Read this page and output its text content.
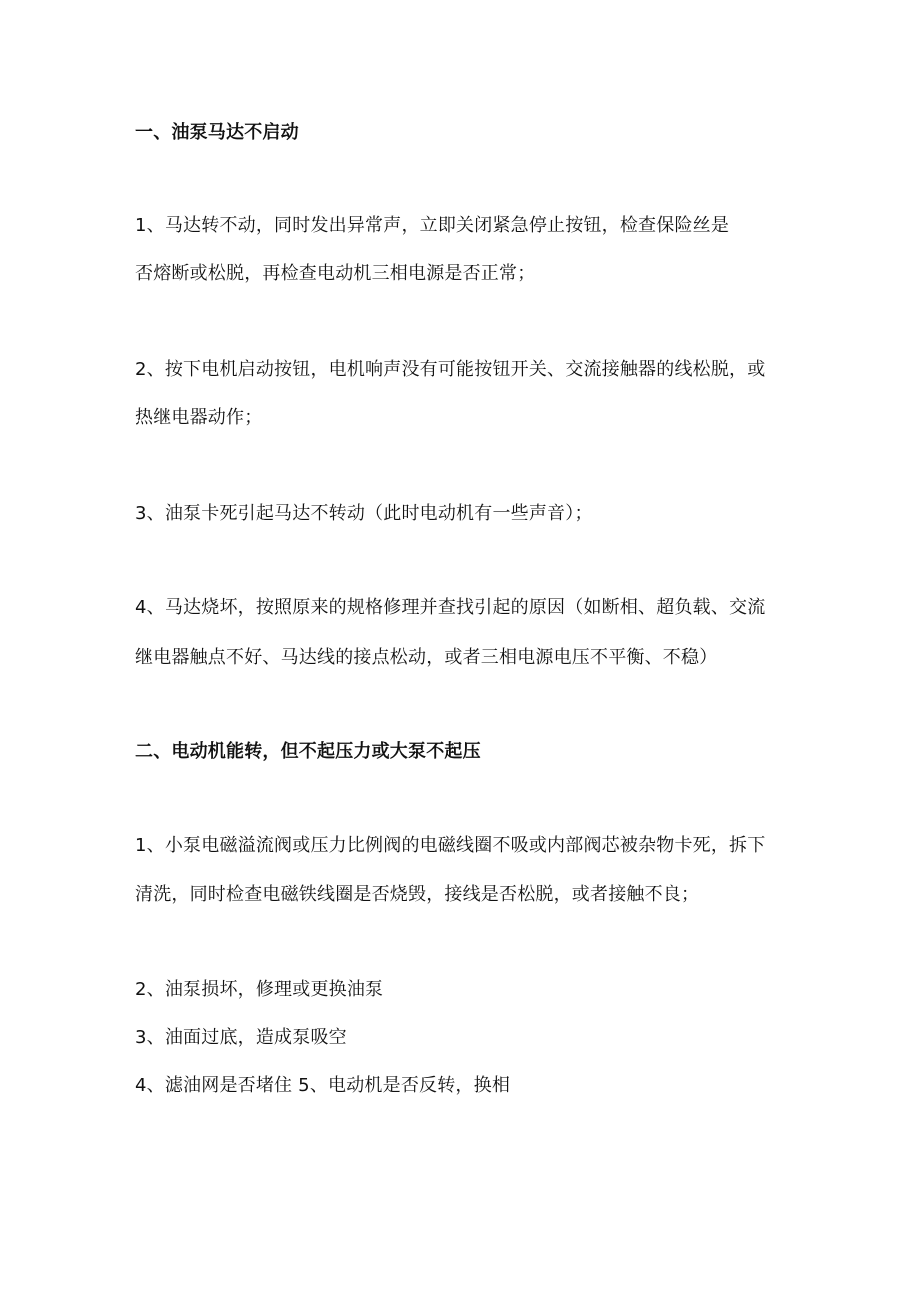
一、油泵马达不启动
1、马达转不动，同时发出异常声，立即关闭紧急停止按钮，检查保险丝是
否熔断或松脱，再检查电动机三相电源是否正常；
2、按下电机启动按钮，电机响声没有可能按钮开关、交流接触器的线松脱，或
热继电器动作；
3、油泵卡死引起马达不转动（此时电动机有一些声音）；
4、马达烧坏，按照原来的规格修理并查找引起的原因（如断相、超负载、交流
继电器触点不好、马达线的接点松动，或者三相电源电压不平衡、不稳）
二、电动机能转，但不起压力或大泵不起压
1、小泵电磁溢流阀或压力比例阀的电磁线圈不吸或内部阀芯被杂物卡死，拆下
清洗，同时检查电磁铁线圈是否烧毁，接线是否松脱，或者接触不良；
2、油泵损坏，修理或更换油泵
3、油面过底，造成泵吸空
4、滤油网是否堵住 5、电动机是否反转，换相
